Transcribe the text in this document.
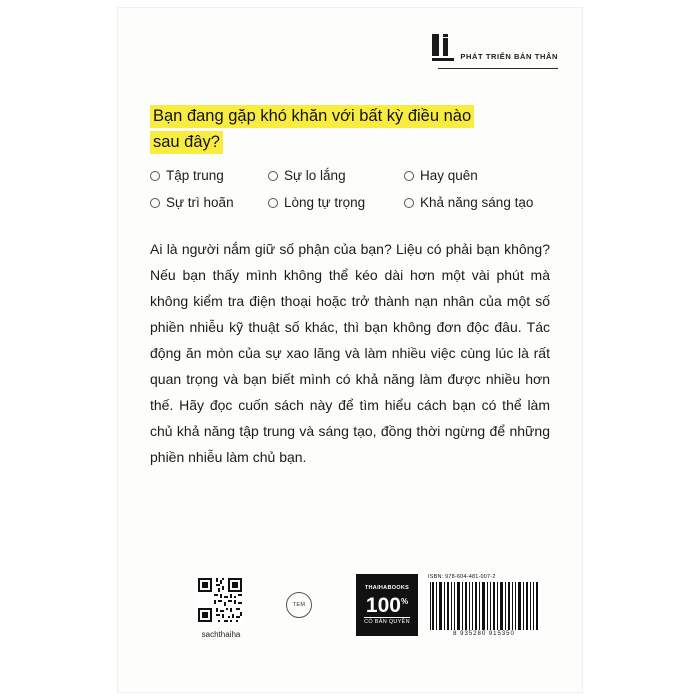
PHÁT TRIỂN BẢN THÂN
Bạn đang gặp khó khăn với bất kỳ điều nào
sau đây?
Tập trung	Sự lo lắng	Hay quên
Sự trì hoãn	Lòng tự trọng	Khả năng sáng tạo
Ai là người nắm giữ số phận của bạn? Liệu có phải bạn không? Nếu bạn thấy mình không thể kéo dài hơn một vài phút mà không kiểm tra điện thoại hoặc trở thành nạn nhân của một số phiền nhiễu kỹ thuật số khác, thì bạn không đơn độc đâu. Tác động ăn mòn của sự xao lãng và làm nhiều việc cùng lúc là rất quan trọng và bạn biết mình có khả năng làm được nhiều hơn thế. Hãy đọc cuốn sách này để tìm hiểu cách bạn có thể làm chủ khả năng tập trung và sáng tạo, đồng thời ngừng để những phiền nhiễu làm chủ bạn.
sachthaiha
TEM
THAIHABOOKS
100%
CÓ BẢN QUYỀN
ISBN: 978-604-481-007-2
8 935280 915350
